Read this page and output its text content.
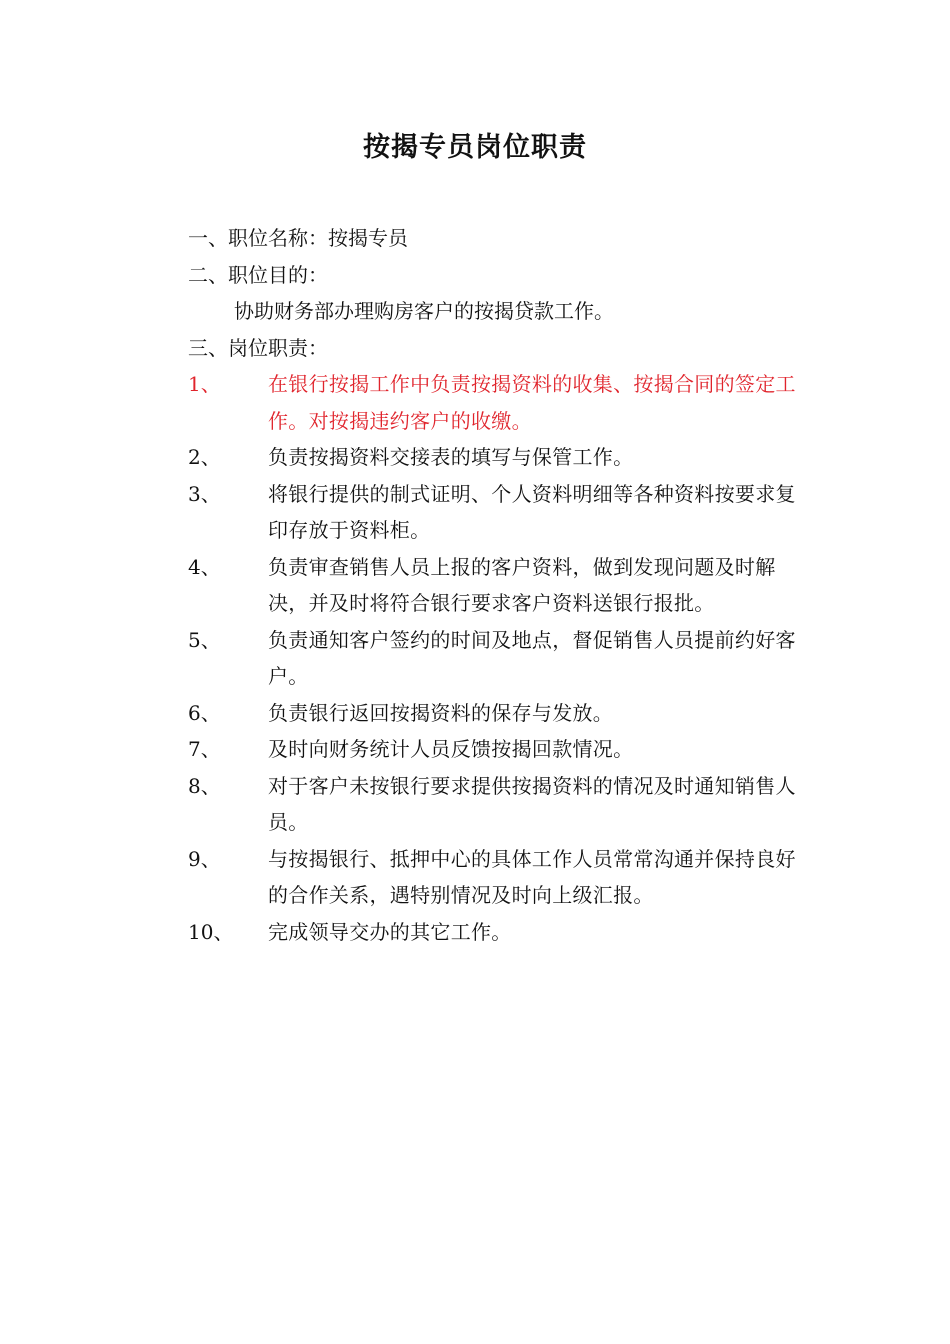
按揭专员岗位职责
一、职位名称：按揭专员
二、职位目的：
协助财务部办理购房客户的按揭贷款工作。
三、岗位职责：
1、	在银行按揭工作中负责按揭资料的收集、按揭合同的签定工作。对按揭违约客户的收缴。
2、	负责按揭资料交接表的填写与保管工作。
3、	将银行提供的制式证明、个人资料明细等各种资料按要求复印存放于资料柜。
4、	负责审查销售人员上报的客户资料，做到发现问题及时解决，并及时将符合银行要求客户资料送银行报批。
5、	负责通知客户签约的时间及地点，督促销售人员提前约好客户。
6、	负责银行返回按揭资料的保存与发放。
7、	及时向财务统计人员反馈按揭回款情况。
8、	对于客户未按银行要求提供按揭资料的情况及时通知销售人员。
9、	与按揭银行、抵押中心的具体工作人员常常沟通并保持良好的合作关系，遇特别情况及时向上级汇报。
10、	完成领导交办的其它工作。
